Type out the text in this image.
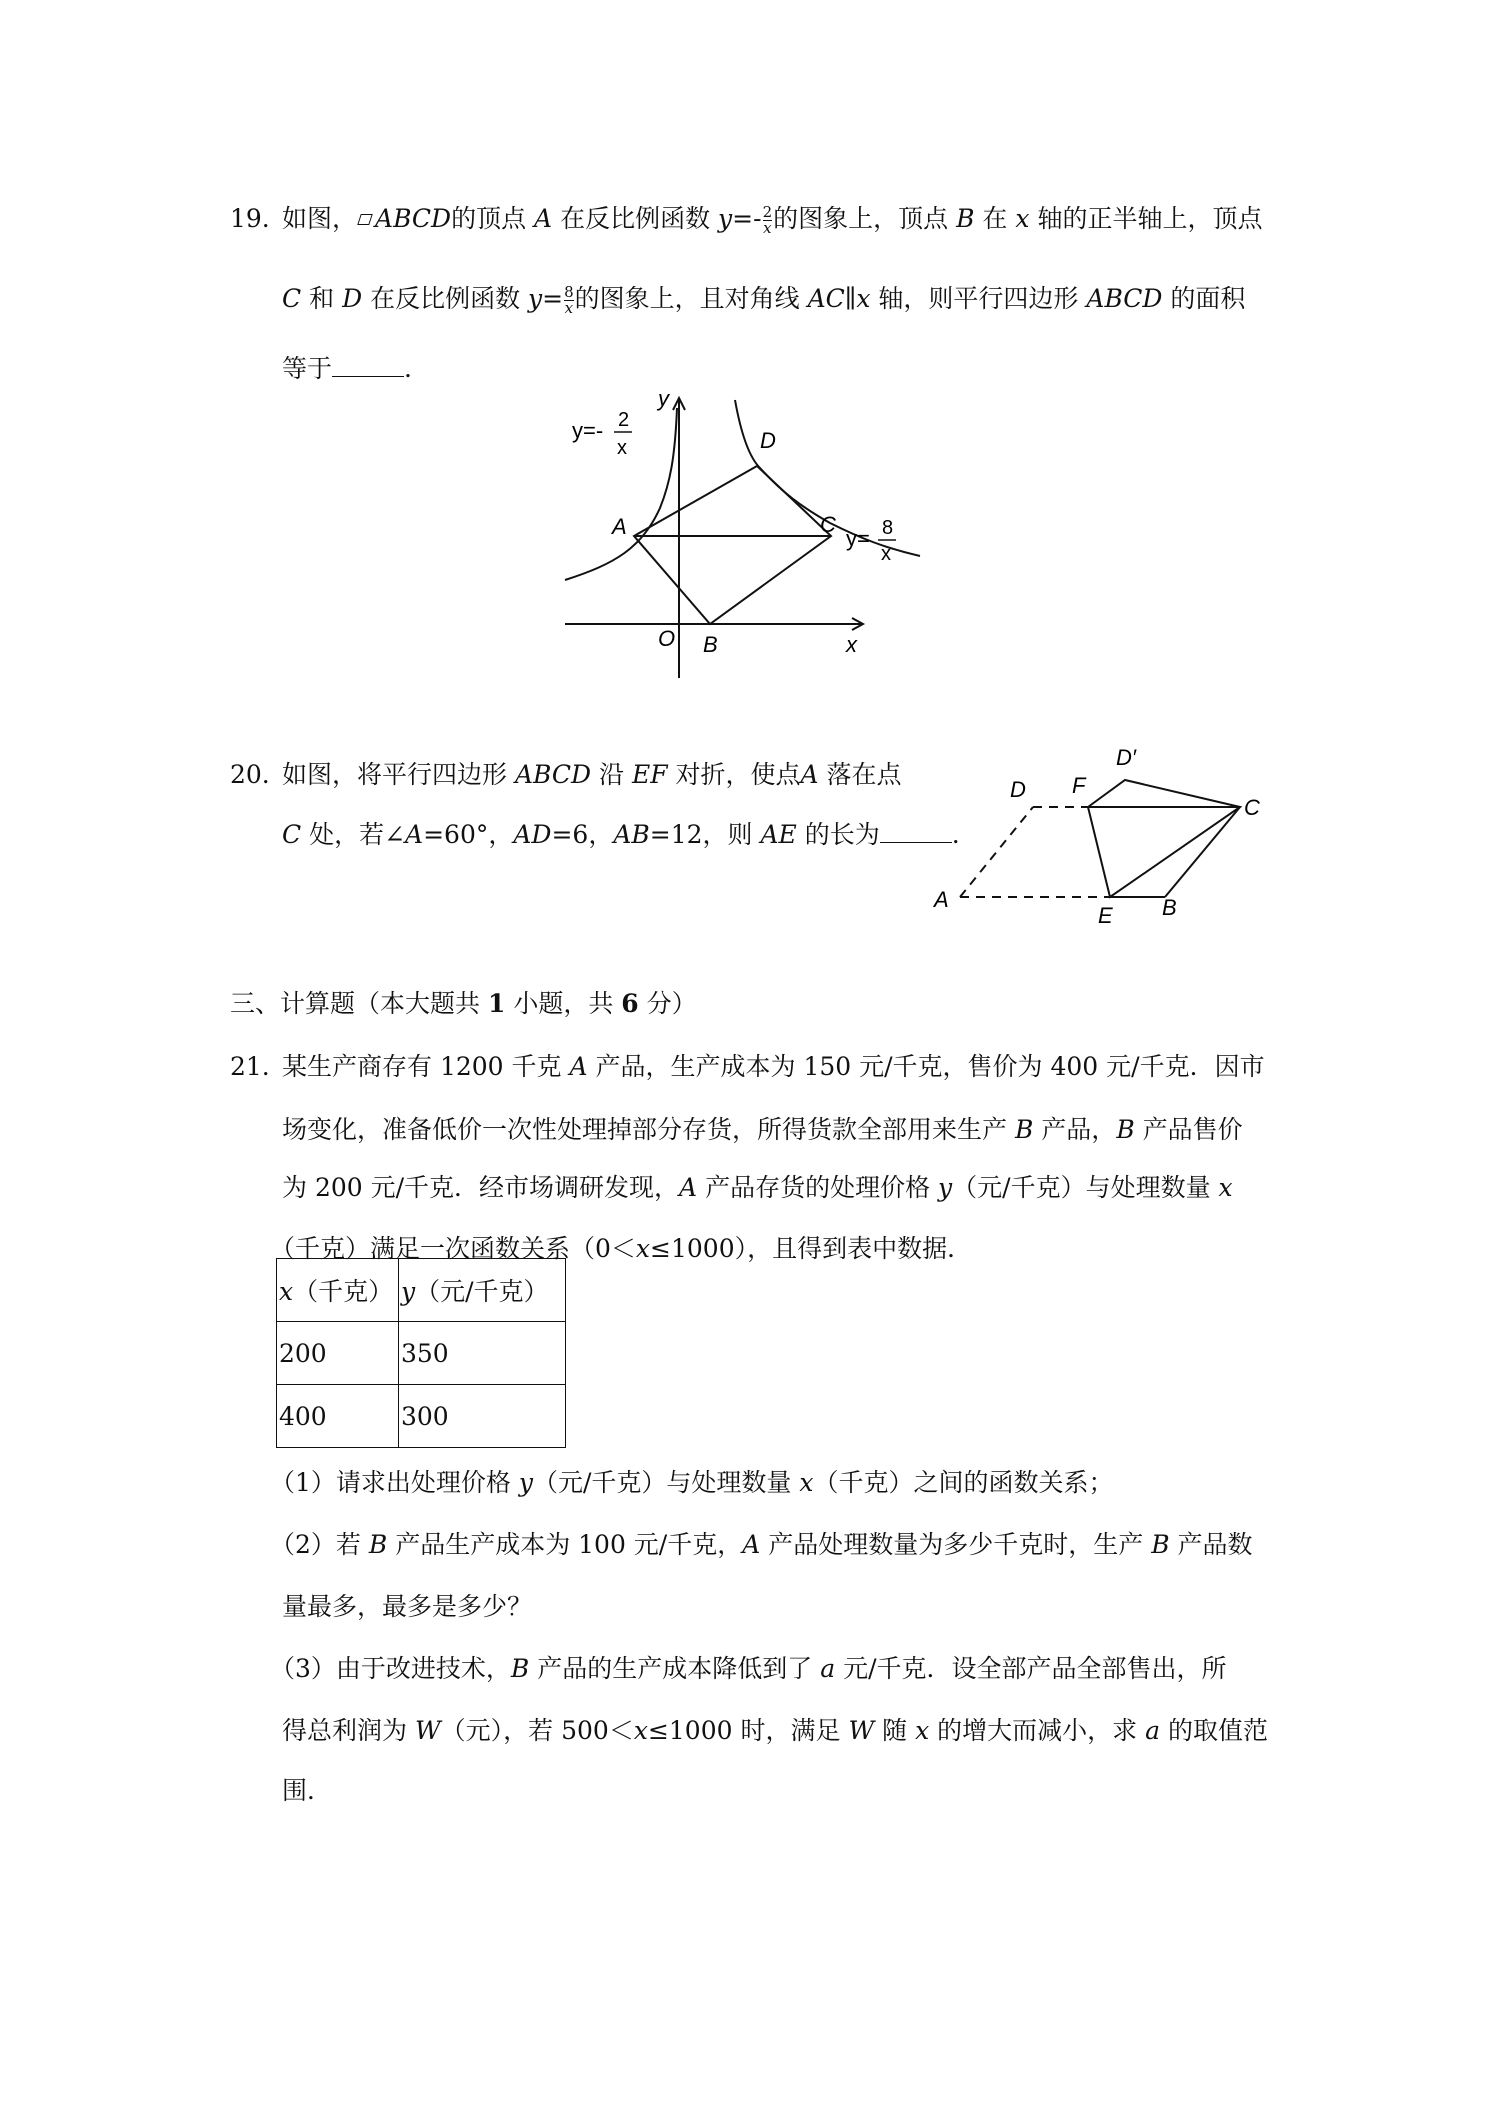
19. 如图， ABCD的顶点 A 在反比例函数 $y=- \frac{2}{x}$ 的图象上，顶点 B 在 x 轴的正半轴上，顶点
C 和 D 在反比例函数 $y= \frac{8}{x}$ 的图象上，且对角线 AC∥x 轴，则平行四边形 ABCD 的面积
等于	.
y=- 2
x
y= 8
x
A
D
C
B
O	x
y
20. 如图，将平行四边形 ABCD 沿 EF 对折，使点A 落在点
C 处，若∠A=60°，AD=6，AB=12，则 AE 的长为	.
A
D F
D′
C
E B
三、计算题（本大题共 1 小题，共 6 分）
21. 某生产商存有 1200 千克 A 产品，生产成本为 150 元/千克，售价为 400 元/千克．因市
场变化，准备低价一次性处理掉部分存货，所得货款全部用来生产 B 产品，B 产品售价
为 200 元/千克．经市场调研发现，A 产品存货的处理价格 y（元/千克）与处理数量 x
（千克）满足一次函数关系（0＜x≤1000），且得到表中数据．
x（千克）	y（元/千克）
200	350
400	300
（1）请求出处理价格 y（元/千克）与处理数量 x（千克）之间的函数关系；
（2）若 B 产品生产成本为 100 元/千克，A 产品处理数量为多少千克时，生产 B 产品数
量最多，最多是多少？
（3）由于改进技术，B 产品的生产成本降低到了 a 元/千克．设全部产品全部售出，所
得总利润为 W（元），若 500＜x≤1000 时，满足 W 随 x 的增大而减小，求 a 的取值范
围．
